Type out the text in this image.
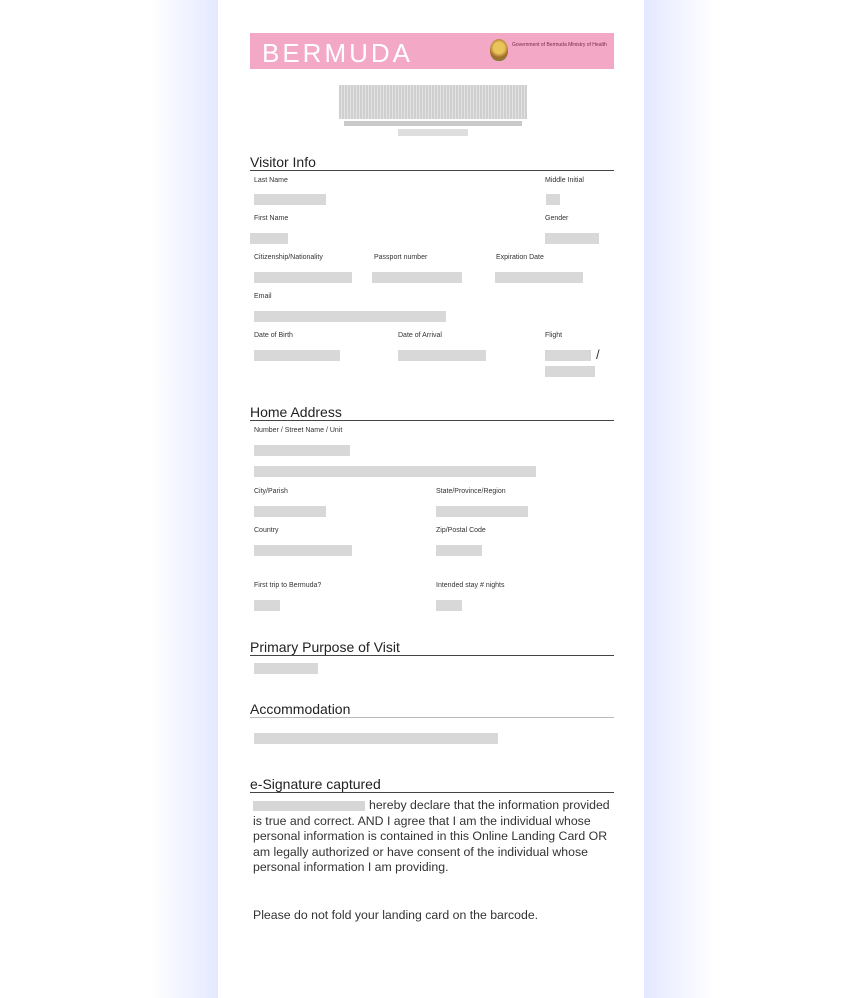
BERMUDA	Government of Bermuda Ministry of Health
Visitor Info
Last Name	Middle Initial
First Name	Gender
Citizenship/Nationality	Passport number	Expiration Date
Email
Date of Birth	Date of Arrival	Flight
/
Home Address
Number / Street Name / Unit
City/Parish	State/Province/Region
Country	Zip/Postal Code
First trip to Bermuda?	Intended stay # nights
Primary Purpose of Visit
Accommodation
e-Signature captured
hereby declare that the information provided is true and correct. AND I agree that I am the individual whose personal information is contained in this Online Landing Card OR am legally authorized or have consent of the individual whose personal information I am providing.
Please do not fold your landing card on the barcode.
